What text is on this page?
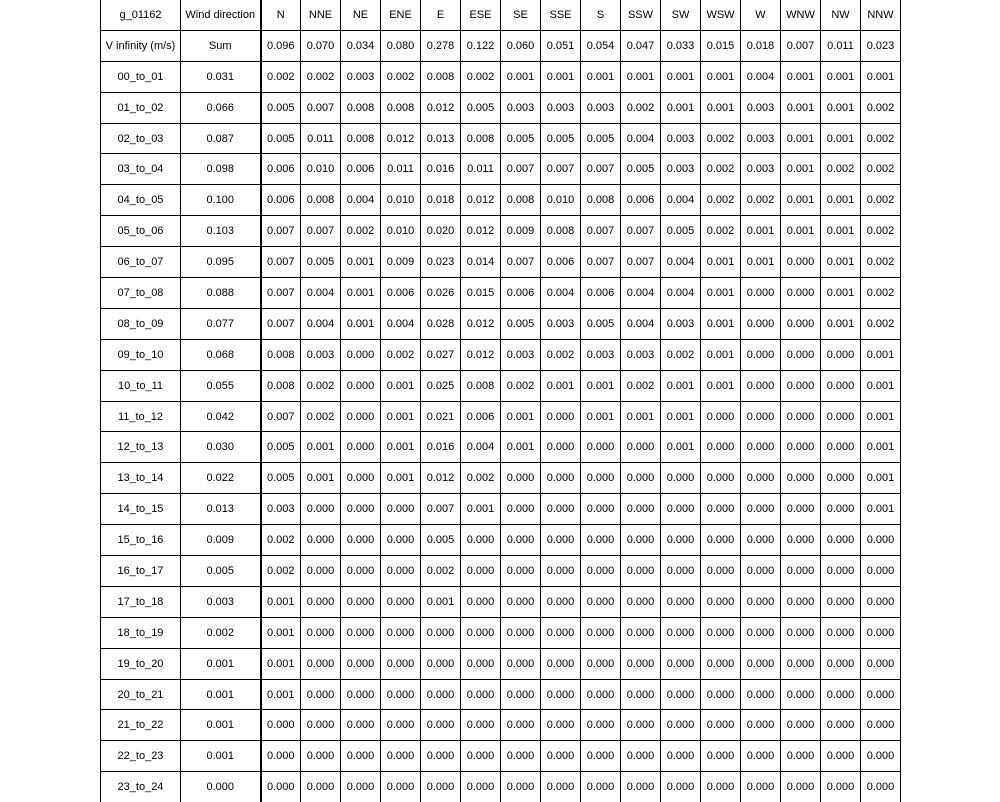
g_01162	Wind direction	N	NNE	NE	ENE	E	ESE	SE	SSE	S	SSW	SW	WSW	W	WNW	NW	NNW
V infinity (m/s)	Sum	0.096	0.070	0.034	0.080	0.278	0.122	0.060	0.051	0.054	0.047	0.033	0.015	0.018	0.007	0.011	0.023
00_to_01	0.031	0.002	0.002	0.003	0.002	0.008	0.002	0.001	0.001	0.001	0.001	0.001	0.001	0.004	0.001	0.001	0.001
01_to_02	0.066	0.005	0.007	0.008	0.008	0.012	0.005	0.003	0.003	0.003	0.002	0.001	0.001	0.003	0.001	0.001	0.002
02_to_03	0.087	0.005	0.011	0.008	0.012	0.013	0.008	0.005	0.005	0.005	0.004	0.003	0.002	0.003	0.001	0.001	0.002
03_to_04	0.098	0.006	0.010	0.006	0.011	0.016	0.011	0.007	0.007	0.007	0.005	0.003	0.002	0.003	0.001	0.002	0.002
04_to_05	0.100	0.006	0.008	0.004	0.010	0.018	0.012	0.008	0.010	0.008	0.006	0.004	0.002	0.002	0.001	0.001	0.002
05_to_06	0.103	0.007	0.007	0.002	0.010	0.020	0.012	0.009	0.008	0.007	0.007	0.005	0.002	0.001	0.001	0.001	0.002
06_to_07	0.095	0.007	0.005	0.001	0.009	0.023	0.014	0.007	0.006	0.007	0.007	0.004	0.001	0.001	0.000	0.001	0.002
07_to_08	0.088	0.007	0.004	0.001	0.006	0.026	0.015	0.006	0.004	0.006	0.004	0.004	0.001	0.000	0.000	0.001	0.002
08_to_09	0.077	0.007	0.004	0.001	0.004	0.028	0.012	0.005	0.003	0.005	0.004	0.003	0.001	0.000	0.000	0.001	0.002
09_to_10	0.068	0.008	0.003	0.000	0.002	0.027	0.012	0.003	0.002	0.003	0.003	0.002	0.001	0.000	0.000	0.000	0.001
10_to_11	0.055	0.008	0.002	0.000	0.001	0.025	0.008	0.002	0.001	0.001	0.002	0.001	0.001	0.000	0.000	0.000	0.001
11_to_12	0.042	0.007	0.002	0.000	0.001	0.021	0.006	0.001	0.000	0.001	0.001	0.001	0.000	0.000	0.000	0.000	0.001
12_to_13	0.030	0.005	0.001	0.000	0.001	0.016	0.004	0.001	0.000	0.000	0.000	0.001	0.000	0.000	0.000	0.000	0.001
13_to_14	0.022	0.005	0.001	0.000	0.001	0.012	0.002	0.000	0.000	0.000	0.000	0.000	0.000	0.000	0.000	0.000	0.001
14_to_15	0.013	0.003	0.000	0.000	0.000	0.007	0.001	0.000	0.000	0.000	0.000	0.000	0.000	0.000	0.000	0.000	0.001
15_to_16	0.009	0.002	0.000	0.000	0.000	0.005	0.000	0.000	0.000	0.000	0.000	0.000	0.000	0.000	0.000	0.000	0.000
16_to_17	0.005	0.002	0.000	0.000	0.000	0.002	0.000	0.000	0.000	0.000	0.000	0.000	0.000	0.000	0.000	0.000	0.000
17_to_18	0.003	0.001	0.000	0.000	0.000	0.001	0.000	0.000	0.000	0.000	0.000	0.000	0.000	0.000	0.000	0.000	0.000
18_to_19	0.002	0.001	0.000	0.000	0.000	0.000	0.000	0.000	0.000	0.000	0.000	0.000	0.000	0.000	0.000	0.000	0.000
19_to_20	0.001	0.001	0.000	0.000	0.000	0.000	0.000	0.000	0.000	0.000	0.000	0.000	0.000	0.000	0.000	0.000	0.000
20_to_21	0.001	0.001	0.000	0.000	0.000	0.000	0.000	0.000	0.000	0.000	0.000	0.000	0.000	0.000	0.000	0.000	0.000
21_to_22	0.001	0.000	0.000	0.000	0.000	0.000	0.000	0.000	0.000	0.000	0.000	0.000	0.000	0.000	0.000	0.000	0.000
22_to_23	0.001	0.000	0.000	0.000	0.000	0.000	0.000	0.000	0.000	0.000	0.000	0.000	0.000	0.000	0.000	0.000	0.000
23_to_24	0.000	0.000	0.000	0.000	0.000	0.000	0.000	0.000	0.000	0.000	0.000	0.000	0.000	0.000	0.000	0.000	0.000
